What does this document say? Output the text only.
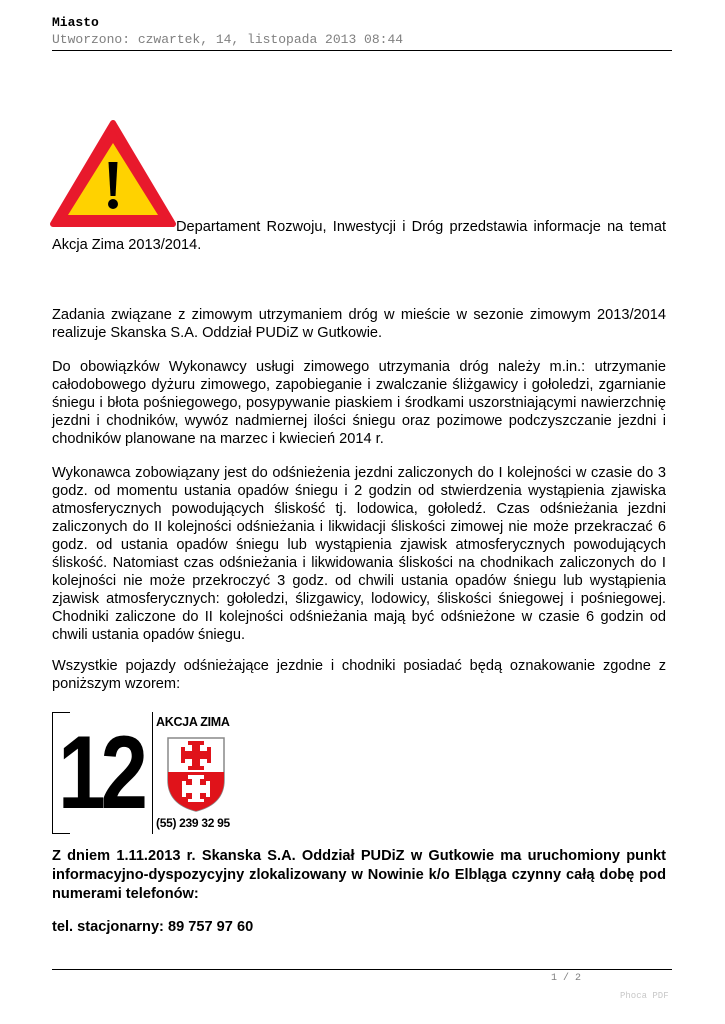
Miasto
Utworzono: czwartek, 14, listopada 2013 08:44

Departament Rozwoju, Inwestycji i Dróg przedstawia informacje na temat Akcja Zima 2013/2014.

Zadania związane z zimowym utrzymaniem dróg w mieście w sezonie zimowym 2013/2014 realizuje Skanska S.A. Oddział PUDiZ w Gutkowie.

Do obowiązków Wykonawcy usługi zimowego utrzymania dróg należy m.in.: utrzymanie całodobowego dyżuru zimowego, zapobieganie i zwalczanie śliżgawicy i gołoledzi, zgarnianie śniegu i błota pośniegowego, posypywanie piaskiem i środkami uszorstniającymi nawierzchnię jezdni i chodników, wywóz nadmiernej ilości śniegu oraz pozimowe podczyszczanie jezdni i chodników planowane na marzec i kwiecień 2014 r.

Wykonawca zobowiązany jest do odśnieżenia jezdni zaliczonych do I kolejności w czasie do 3 godz. od momentu ustania opadów śniegu i 2 godzin od stwierdzenia wystąpienia zjawiska atmosferycznych powodujących śliskość tj. lodowica, gołoledź. Czas odśnieżania jezdni zaliczonych do II kolejności odśnieżania i likwidacji śliskości zimowej nie może przekraczać 6 godz. od ustania opadów śniegu lub wystąpienia zjawisk atmosferycznych powodujących śliskość. Natomiast czas odśnieżania i likwidowania śliskości na chodnikach zaliczonych do I kolejności nie może przekroczyć 3 godz. od chwili ustania opadów śniegu lub wystąpienia zjawisk atmosferycznych: gołoledzi, ślizgawicy, lodowicy, śliskości śniegowej i pośniegowej. Chodniki zaliczone do II kolejności odśnieżania mają być odśnieżone w czasie 6 godzin od chwili ustania opadów śniegu.

Wszystkie pojazdy odśnieżające jezdnie i chodniki posiadać będą oznakowanie zgodne z poniższym wzorem:

12 AKCJA ZIMA
(55) 239 32 95

Z dniem 1.11.2013 r. Skanska S.A. Oddział PUDiZ w Gutkowie ma uruchomiony punkt informacyjno-dyspozycyjny zlokalizowany w Nowinie k/o Elbląga czynny całą dobę pod numerami telefonów:

tel. stacjonarny: 89 757 97 60

1 / 2
Phoca PDF
